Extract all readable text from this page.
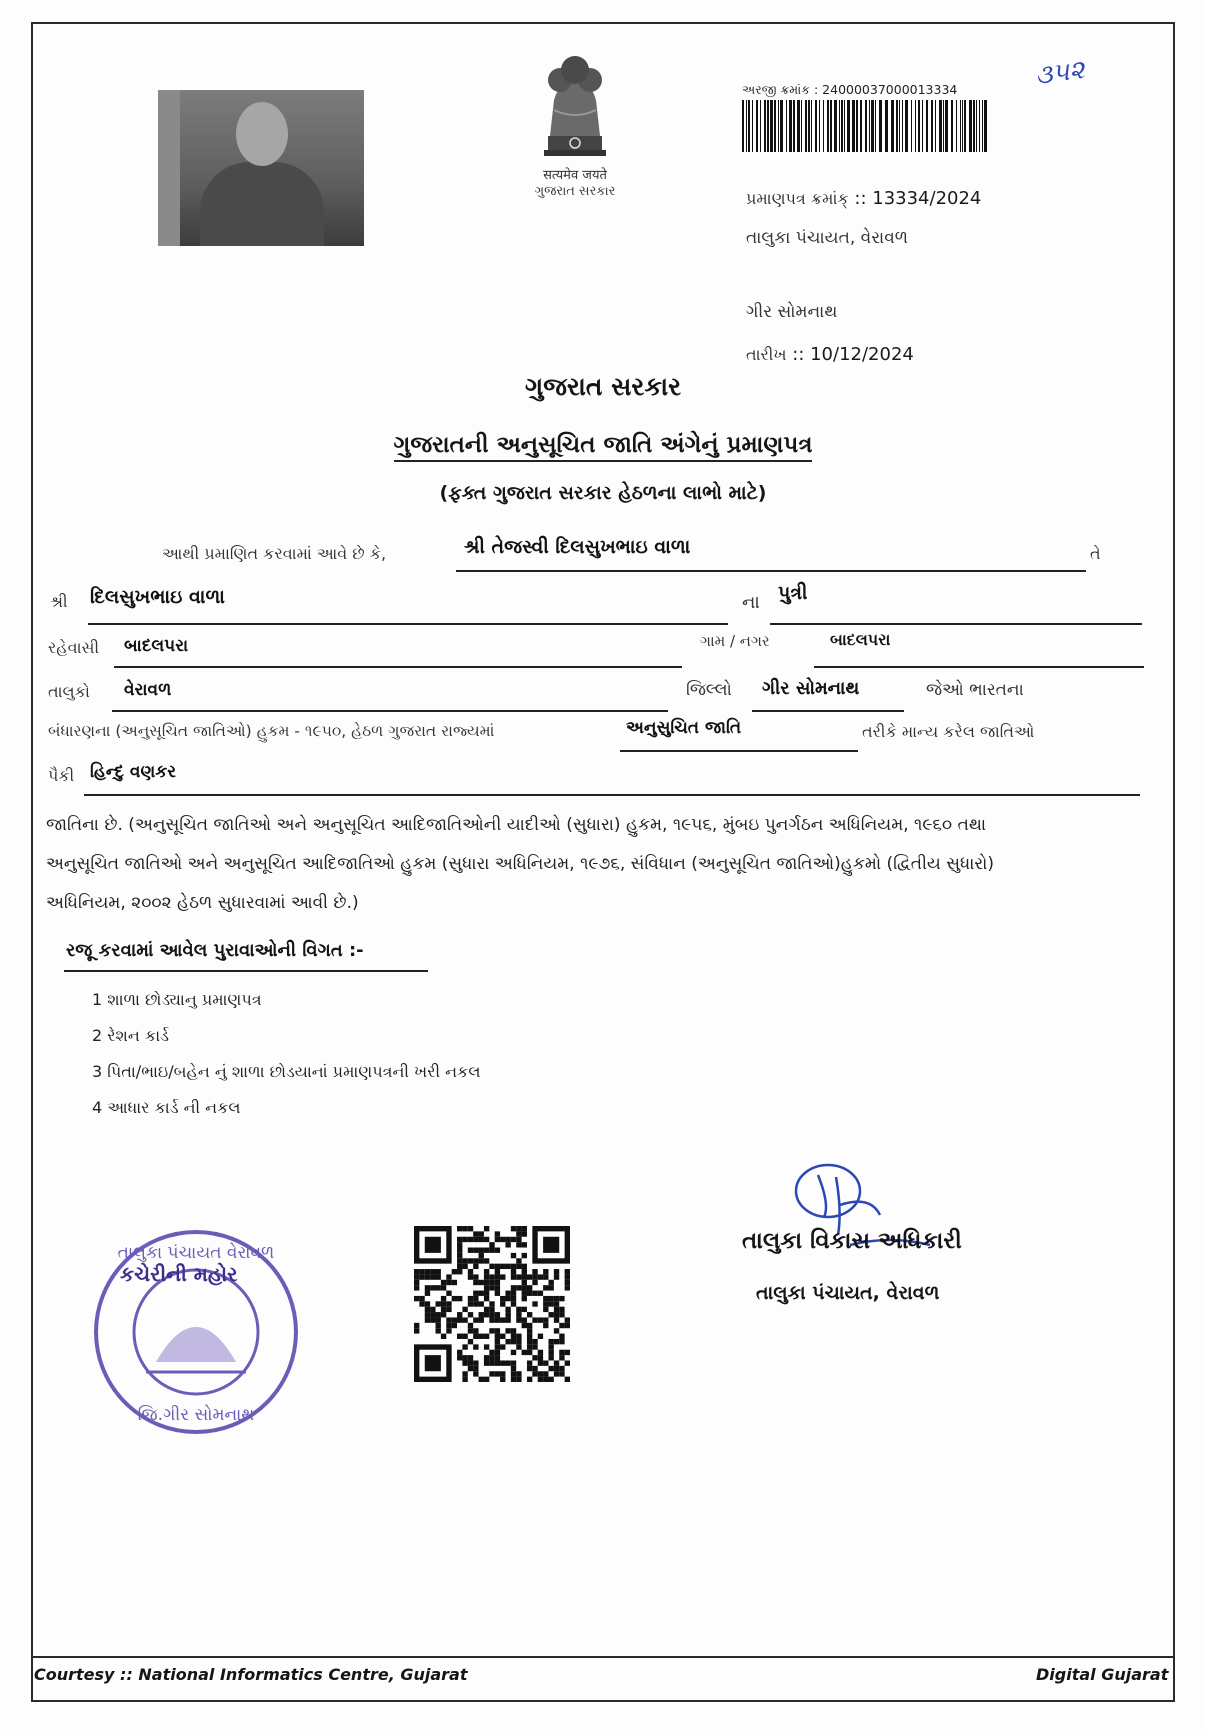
सत्यमेव जयते
ગુજરાત સરકાર
અરજી ક્રમાંક : 24000037000013334	૩૫૨
પ્રમાણપત્ર ક્રમાંક્ :: 13334/2024
તાલુકા પંચાયત, વેરાવળ
ગીર સોમનાથ
તારીખ :: 10/12/2024
ગુજરાત સરકાર
ગુજરાતની અનુસૂચિત જાતિ અંગેનું પ્રમાણપત્ર
(ફક્ત ગુજરાત સરકાર હેઠળના લાભો માટે)
આથી પ્રમાણિત કરવામાં આવે છે કે,	શ્રી તેજસ્વી દિલસુખભાઇ વાળા	તે
શ્રી દિલસુખભાઇ વાળા	ના પુત્રી
રહેવાસી બાદલપરા	ગામ / નગર	બાદલપરા
તાલુકો વેરાવળ	જિલ્લો ગીર સોમનાથ	જેઓ ભારતના
બંધારણના (અનુસૂચિત જાતિઓ) હુકમ - ૧૯૫૦, હેઠળ ગુજરાત રાજ્યમાં	અનુસુચિત જાતિ	તરીકે માન્ય કરેલ જાતિઓ
પૈકી હિન્દુ વણકર
જાતિના છે. (અનુસૂચિત જાતિઓ અને અનુસૂચિત આદિજાતિઓની યાદીઓ (સુધારા) હુકમ, ૧૯૫૬, મુંબઇ પુનર્ગઠન અધિનિયમ, ૧૯૬૦ તથા
અનુસૂચિત જાતિઓ અને અનુસૂચિત આદિજાતિઓ હુકમ (સુધારા અધિનિયમ, ૧૯૭૬, સંવિધાન (અનુસૂચિત જાતિઓ)હુકમો (દ્વિતીય સુધારો)
અધિનિયમ, ૨૦૦૨ હેઠળ સુધારવામાં આવી છે.)
રજૂ કરવામાં આવેલ પુરાવાઓની વિગત :-
1 શાળા છોડ્યાનુ પ્રમાણપત્ર
2 રેશન કાર્ડ
3 પિતા/ભાઇ/બહેન નું શાળા છોડયાનાં પ્રમાણપત્રની ખરી નકલ
4 આધાર કાર્ડ ની નકલ
તાલુકા પંચાયત વેરાવળ
જિ.ગીર સોમનાથ
કચેરીની મહોર
તાલુકા વિકાસ અધિકારી
તાલુકા પંચાયત, વેરાવળ
Courtesy :: National Informatics Centre, Gujarat	Digital Gujarat
